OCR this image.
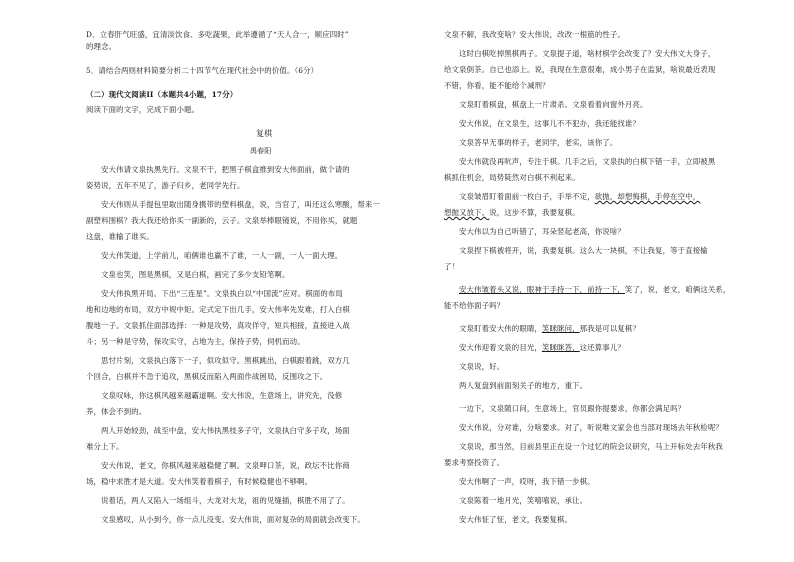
D．立春肝气旺盛，宜清淡饮食、多吃蔬果，此举遵循了“天人合一，顺应四时”
的理念。
5．请结合两则材料简要分析二十四节气在现代社会中的价值。（6分）
（二）现代文阅读II（本题共4小题，17分）
阅读下面的文字，完成下面小题。
复棋
禹春阳
安大伟请文泉执黑先行。文泉不干，把黑子棋盒推到安大伟面前，做个请的
姿势说，五年不见了，游子归乡，老同学先行。
安大伟则从手提包里取出随身携带的塑料棋盘，说，当官了，叫还这么寒酸，帮来一
副塑料围棋？我大我还给你买一副新的，云子。文泉举棒眼镜说，不用你买，就题
这盘，谁输了谁买。
安大伟笑道，上学前儿，咱俩谁也赢不了谁，一人一副，一人一面大理。
文泉也笑，图是黑棋，又是白棋，画完了多少支铅笔啊。
安大伟执黑开局。下出“三连星”。文泉执白以“中国流”应对。棋面的布局
地和边地的布局，双方中规中矩。定式定下出几手，安大伟率先发难，打入白棋
腹地一子。文泉抓住面部选择：一种是攻势，真攻佯守，短兵相接，直接进入战
斗；另一种是守势，保攻实守，占地为主，保持子势，伺机而动。
思忖片刻，文泉执白落下一子，似攻似守。黑棋跳出，白棋跟着跳，双方几
个回合，白棋并不急于追攻，黑棋反而陷入两面作战困局，反围攻之下。
文泉叹咏，你这棋风越来越霸道啊。安大伟说，生意场上，讲究先，没修
养，体会不到的。
两人开始较劲，战至中盘，安大伟执黑枝多子守，文泉执白守多子攻，场面
难分上下。
安大伟说，老文，你棋风越来越稳健了啊。文泉呷口茶，说，政坛不比你商
场，稳中求胜才是大道。安大伟笑着着棋子，有时候稳健也不够啊。
说着话，两人又陷入一场组斗，大龙对大龙，祖的见缝插，棋胜不用了了。
文泉感叹，从小到今，你一点儿没变。安大伟说，面对复杂的局面就会改变下。
文泉不解，我改变啥？安大伟说，改改一根筋的性子。
这时白棋吃掉黑棋两子。文泉提子道，啥材棋学会改变了？安大伟文大身子，
给文泉倒茶。自已也添上。说，我现在生意很难，成小男子在监狱，啥说最近表现
不错，你看，能不能给个减刑？
文泉盯着棋盘，棋盘上一片肃杀。文泉看着向窗外月亮。
安大伟说，在文泉生，这事儿不不犯办，我还能找谁？
文泉答早无事的样子，老同学，老实，该你了。
安大伟就没再吭声，专注于棋。几手之后，文泉执的白棋下错一手，立即被黑
棋抓住机会，局势陡然对白棋不利起来。
文泉皱眉盯着面前一枚白子，手举不定，欲抛，却想悔棋，手停在空中，
想抛又放下。说，这步不算，我要复棋。
安大伟以为自己听错了，耳朵竖起老高，你说啥？
文泉捏下棋被将开，说，我要复棋。这么大一块棋，不让我复，等于直接输
了！
安大伟皱着头又说，眼神于手持一下，前持一下，笑了，说，老文，咱俩这关系，
能不给你面子吗？
文泉盯着安大伟的眼睛，笑眯眯问，那我是可以复棋？
安大伟迎着文泉的目光，笑眯眯答，这还算事儿？
文泉说，好。
两人复盘到前面刻关子的地方，重下。
一边下，文泉随口问，生意场上，官员跟你提要求，你都会满足吗？
安大伟说，分对谁，分啥要求。对了，听说唯文家会也当部对现场去年秋检呢？
文泉说，那当然，目前县里正在设一个过忆的院会议研究，马上开标处去年秋我
要求考察投资了。
安大伟啊了一声，哎呀，我下错一步棋。
文泉陈着一地月光，笑嘻嘻说，承让。
安大伟怔了怔，老文，我要复棋。
